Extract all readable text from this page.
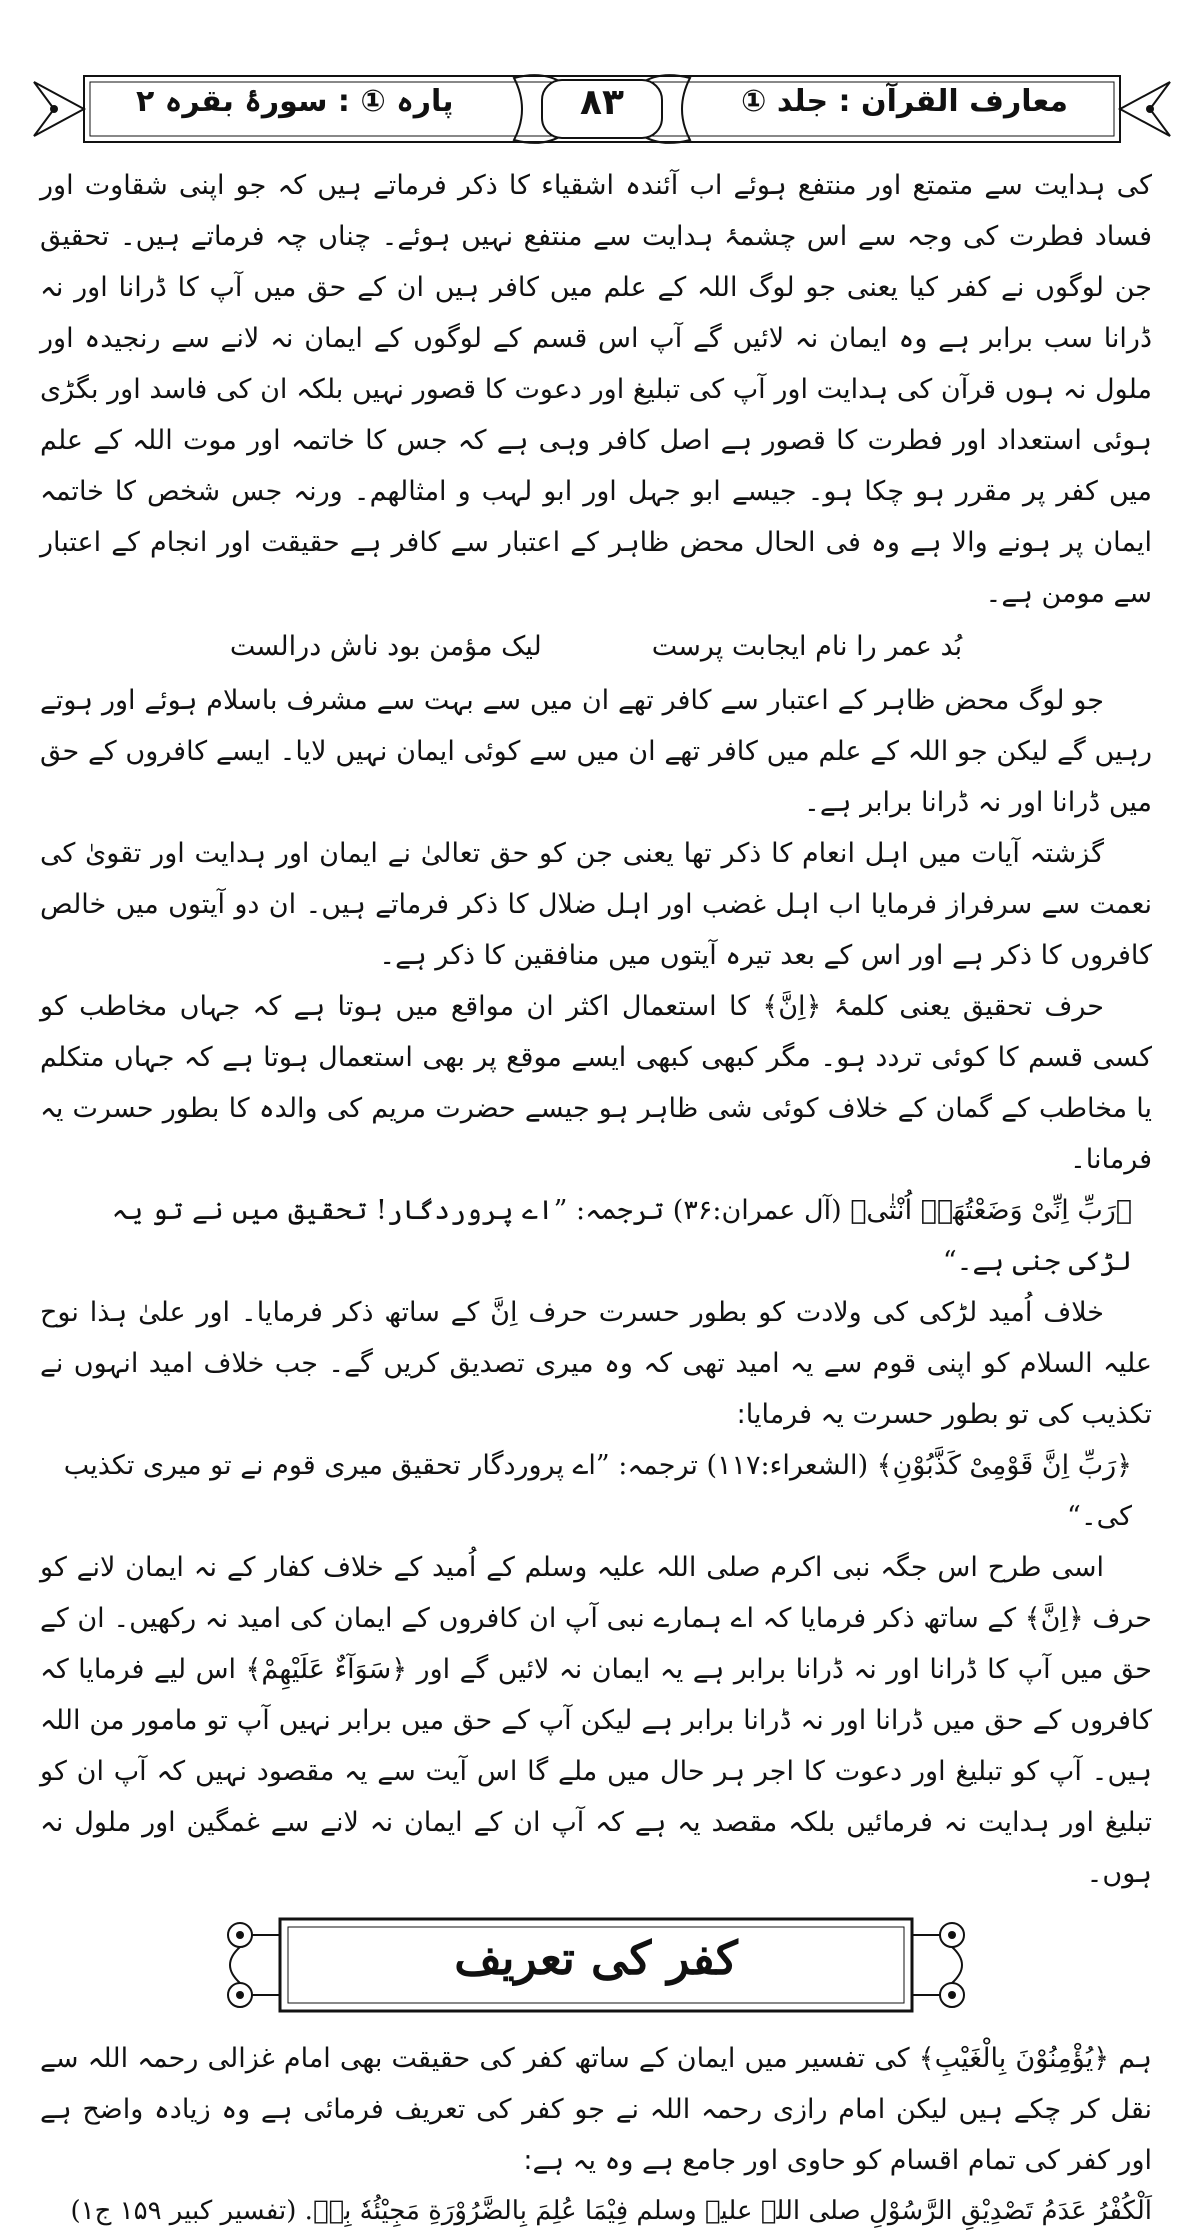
معارف القرآن : جلد ①
۸۳
پارہ ① : سورۂ بقرہ ۲

کی ہدایت سے متمتع اور منتفع ہوئے اب آئندہ اشقیاء کا ذکر فرماتے ہیں کہ جو اپنی شقاوت اور فساد فطرت کی وجہ سے اس چشمۂ ہدایت سے منتفع نہیں ہوئے۔ چناں چہ فرماتے ہیں۔ تحقیق جن لوگوں نے کفر کیا یعنی جو لوگ اللہ کے علم میں کافر ہیں ان کے حق میں آپ کا ڈرانا اور نہ ڈرانا سب برابر ہے وہ ایمان نہ لائیں گے آپ اس قسم کے لوگوں کے ایمان نہ لانے سے رنجیدہ اور ملول نہ ہوں قرآن کی ہدایت اور آپ کی تبلیغ اور دعوت کا قصور نہیں بلکہ ان کی فاسد اور بگڑی ہوئی استعداد اور فطرت کا قصور ہے اصل کافر وہی ہے کہ جس کا خاتمہ اور موت اللہ کے علم میں کفر پر مقرر ہو چکا ہو۔ جیسے ابو جہل اور ابو لہب و امثالھم۔ ورنہ جس شخص کا خاتمہ ایمان پر ہونے والا ہے وہ فی الحال محض ظاہر کے اعتبار سے کافر ہے حقیقت اور انجام کے اعتبار سے مومن ہے۔

بُد عمر را نام ایجابت پرست
لیک مؤمن بود ناش درالست

جو لوگ محض ظاہر کے اعتبار سے کافر تھے ان میں سے بہت سے مشرف باسلام ہوئے اور ہوتے رہیں گے لیکن جو اللہ کے علم میں کافر تھے ان میں سے کوئی ایمان نہیں لایا۔ ایسے کافروں کے حق میں ڈرانا اور نہ ڈرانا برابر ہے۔

گزشتہ آیات میں اہل انعام کا ذکر تھا یعنی جن کو حق تعالیٰ نے ایمان اور ہدایت اور تقویٰ کی نعمت سے سرفراز فرمایا اب اہل غضب اور اہل ضلال کا ذکر فرماتے ہیں۔ ان دو آیتوں میں خالص کافروں کا ذکر ہے اور اس کے بعد تیرہ آیتوں میں منافقین کا ذکر ہے۔

حرف تحقیق یعنی کلمۂ ﴿اِنَّ﴾ کا استعمال اکثر ان مواقع میں ہوتا ہے کہ جہاں مخاطب کو کسی قسم کا کوئی تردد ہو۔ مگر کبھی کبھی ایسے موقع پر بھی استعمال ہوتا ہے کہ جہاں متکلم یا مخاطب کے گمان کے خلاف کوئی شی ظاہر ہو جیسے حضرت مریم کی والدہ کا بطور حسرت یہ فرمانا۔

﴿رَبِّ اِنِّیْ وَضَعْتُهَاۤ اُنْثٰی﴾ (آل عمران:۳۶) ترجمہ: ”اے پروردگار! تحقیق میں نے تو یہ لڑکی جنی ہے۔“

خلاف اُمید لڑکی کی ولادت کو بطور حسرت حرف اِنَّ کے ساتھ ذکر فرمایا۔ اور علیٰ ہذا نوح علیہ السلام کو اپنی قوم سے یہ امید تھی کہ وہ میری تصدیق کریں گے۔ جب خلاف امید انہوں نے تکذیب کی تو بطور حسرت یہ فرمایا:

﴿رَبِّ اِنَّ قَوْمِیْ كَذَّبُوْنِ﴾ (الشعراء:۱۱۷) ترجمہ: ”اے پروردگار تحقیق میری قوم نے تو میری تکذیب کی۔“

اسی طرح اس جگہ نبی اکرم صلی اللہ علیہ وسلم کے اُمید کے خلاف کفار کے نہ ایمان لانے کو حرف ﴿اِنَّ﴾ کے ساتھ ذکر فرمایا کہ اے ہمارے نبی آپ ان کافروں کے ایمان کی امید نہ رکھیں۔ ان کے حق میں آپ کا ڈرانا اور نہ ڈرانا برابر ہے یہ ایمان نہ لائیں گے اور ﴿سَوَآءٌ عَلَیْهِمْ﴾ اس لیے فرمایا کہ کافروں کے حق میں ڈرانا اور نہ ڈرانا برابر ہے لیکن آپ کے حق میں برابر نہیں آپ تو مامور من اللہ ہیں۔ آپ کو تبلیغ اور دعوت کا اجر ہر حال میں ملے گا اس آیت سے یہ مقصود نہیں کہ آپ ان کو تبلیغ اور ہدایت نہ فرمائیں بلکہ مقصد یہ ہے کہ آپ ان کے ایمان نہ لانے سے غمگین اور ملول نہ ہوں۔

کفر کی تعریف

ہم ﴿یُؤْمِنُوْنَ بِالْغَیْبِ﴾ کی تفسیر میں ایمان کے ساتھ کفر کی حقیقت بھی امام غزالی رحمہ اللہ سے نقل کر چکے ہیں لیکن امام رازی رحمہ اللہ نے جو کفر کی تعریف فرمائی ہے وہ زیادہ واضح ہے اور کفر کی تمام اقسام کو حاوی اور جامع ہے وہ یہ ہے:

اَلْكُفْرُ عَدَمُ تَصْدِیْقِ الرَّسُوْلِ صلی اللہ علیہ وسلم فِیْمَا عُلِمَ بِالضَّرُوْرَةِ مَجِیْئُهٗ بِهٖ. (تفسیر کبیر ۱۵۹ ج۱)
